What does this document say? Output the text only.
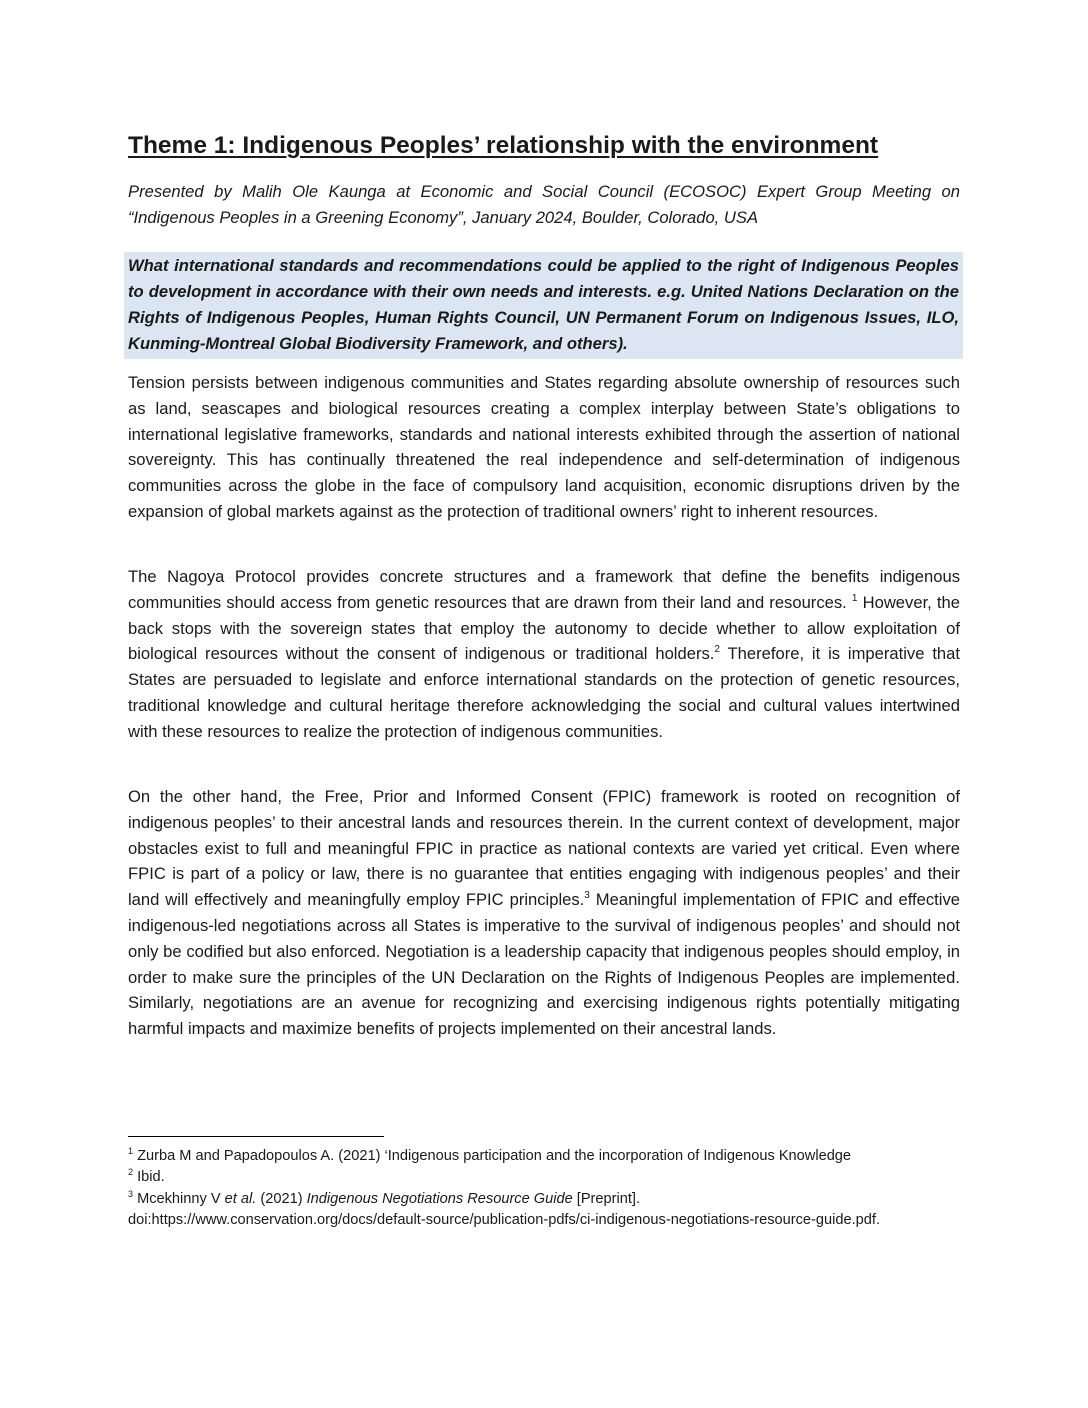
Theme 1: Indigenous Peoples’ relationship with the environment

Presented by Malih Ole Kaunga at Economic and Social Council (ECOSOC) Expert Group Meeting on “Indigenous Peoples in a Greening Economy”, January 2024, Boulder, Colorado, USA

What international standards and recommendations could be applied to the right of Indigenous Peoples to development in accordance with their own needs and interests. e.g. United Nations Declaration on the Rights of Indigenous Peoples, Human Rights Council, UN Permanent Forum on Indigenous Issues, ILO, Kunming-Montreal Global Biodiversity Framework, and others).

Tension persists between indigenous communities and States regarding absolute ownership of resources such as land, seascapes and biological resources creating a complex interplay between State’s obligations to international legislative frameworks, standards and national interests exhibited through the assertion of national sovereignty. This has continually threatened the real independence and self-determination of indigenous communities across the globe in the face of compulsory land acquisition, economic disruptions driven by the expansion of global markets against as the protection of traditional owners’ right to inherent resources.

The Nagoya Protocol provides concrete structures and a framework that define the benefits indigenous communities should access from genetic resources that are drawn from their land and resources. $^1$ However, the back stops with the sovereign states that employ the autonomy to decide whether to allow exploitation of biological resources without the consent of indigenous or traditional holders.$^2$ Therefore, it is imperative that States are persuaded to legislate and enforce international standards on the protection of genetic resources, traditional knowledge and cultural heritage therefore acknowledging the social and cultural values intertwined with these resources to realize the protection of indigenous communities.

On the other hand, the Free, Prior and Informed Consent (FPIC) framework is rooted on recognition of indigenous peoples’ to their ancestral lands and resources therein. In the current context of development, major obstacles exist to full and meaningful FPIC in practice as national contexts are varied yet critical. Even where FPIC is part of a policy or law, there is no guarantee that entities engaging with indigenous peoples’ and their land will effectively and meaningfully employ FPIC principles.$^3$ Meaningful implementation of FPIC and effective indigenous-led negotiations across all States is imperative to the survival of indigenous peoples’ and should not only be codified but also enforced. Negotiation is a leadership capacity that indigenous peoples should employ, in order to make sure the principles of the UN Declaration on the Rights of Indigenous Peoples are implemented. Similarly, negotiations are an avenue for recognizing and exercising indigenous rights potentially mitigating harmful impacts and maximize benefits of projects implemented on their ancestral lands.

$^1$ Zurba M and Papadopoulos A. (2021) ‘Indigenous participation and the incorporation of Indigenous Knowledge

$^2$ Ibid.

$^3$ Mcekhinny V et al. (2021) Indigenous Negotiations Resource Guide [Preprint].

doi:https://www.conservation.org/docs/default-source/publication-pdfs/ci-indigenous-negotiations-resource-guide.pdf.
